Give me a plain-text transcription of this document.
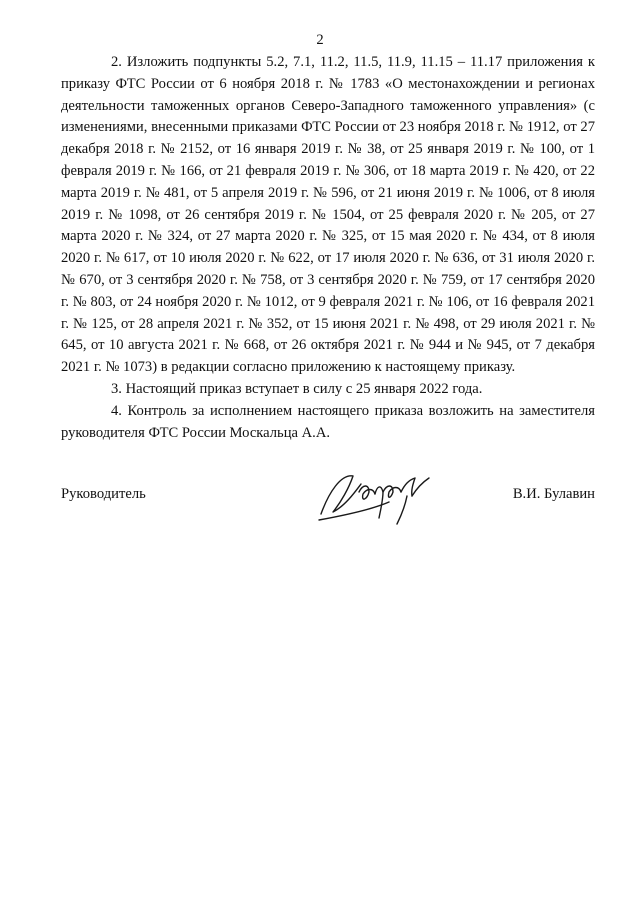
2

2. Изложить подпункты 5.2, 7.1, 11.2, 11.5, 11.9, 11.15 – 11.17 приложения к приказу ФТС России от 6 ноября 2018 г. № 1783 «О местонахождении и регионах деятельности таможенных органов Северо-Западного таможенного управления» (с изменениями, внесенными приказами ФТС России от 23 ноября 2018 г. № 1912, от 27 декабря 2018 г. № 2152, от 16 января 2019 г. № 38, от 25 января 2019 г. № 100, от 1 февраля 2019 г. № 166, от 21 февраля 2019 г. № 306, от 18 марта 2019 г. № 420, от 22 марта 2019 г. № 481, от 5 апреля 2019 г. № 596, от 21 июня 2019 г. № 1006, от 8 июля 2019 г. № 1098, от 26 сентября 2019 г. № 1504, от 25 февраля 2020 г. № 205, от 27 марта 2020 г. № 324, от 27 марта 2020 г. № 325, от 15 мая 2020 г. № 434, от 8 июля 2020 г. № 617, от 10 июля 2020 г. № 622, от 17 июля 2020 г. № 636, от 31 июля 2020 г. № 670, от 3 сентября 2020 г. № 758, от 3 сентября 2020 г. № 759, от 17 сентября 2020 г. № 803, от 24 ноября 2020 г. № 1012, от 9 февраля 2021 г. № 106, от 16 февраля 2021 г. № 125, от 28 апреля 2021 г. № 352, от 15 июня 2021 г. № 498, от 29 июля 2021 г. № 645, от 10 августа 2021 г. № 668, от 26 октября 2021 г. № 944 и № 945, от 7 декабря 2021 г. № 1073) в редакции согласно приложению к настоящему приказу.

3. Настоящий приказ вступает в силу с 25 января 2022 года.

4. Контроль за исполнением настоящего приказа возложить на заместителя руководителя ФТС России Москальца А.А.

Руководитель	В.И. Булавин
